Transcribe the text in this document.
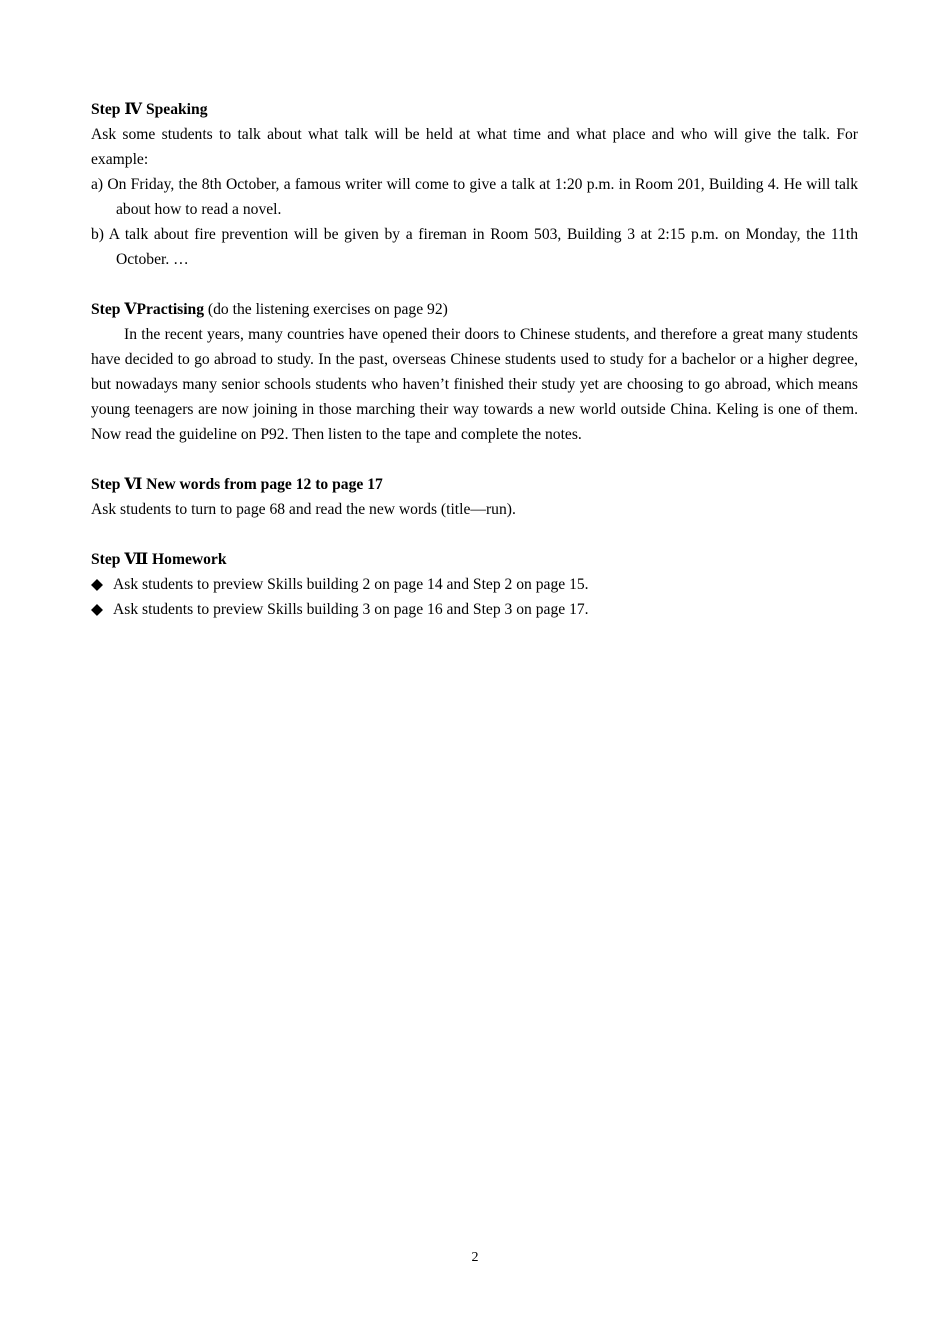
Step Ⅳ Speaking

Ask some students to talk about what talk will be held at what time and what place and who will give the talk. For example:

a) On Friday, the 8th October, a famous writer will come to give a talk at 1:20 p.m. in Room 201, Building 4. He will talk about how to read a novel.

b) A talk about fire prevention will be given by a fireman in Room 503, Building 3 at 2:15 p.m. on Monday, the 11th October. …

Step ⅤPractising (do the listening exercises on page 92)

In the recent years, many countries have opened their doors to Chinese students, and therefore a great many students have decided to go abroad to study. In the past, overseas Chinese students used to study for a bachelor or a higher degree, but nowadays many senior schools students who haven’t finished their study yet are choosing to go abroad, which means young teenagers are now joining in those marching their way towards a new world outside China. Keling is one of them. Now read the guideline on P92. Then listen to the tape and complete the notes.

Step Ⅵ New words from page 12 to page 17

Ask students to turn to page 68 and read the new words (title—run).

Step Ⅶ Homework

◆ Ask students to preview Skills building 2 on page 14 and Step 2 on page 15.
◆ Ask students to preview Skills building 3 on page 16 and Step 3 on page 17.
2
